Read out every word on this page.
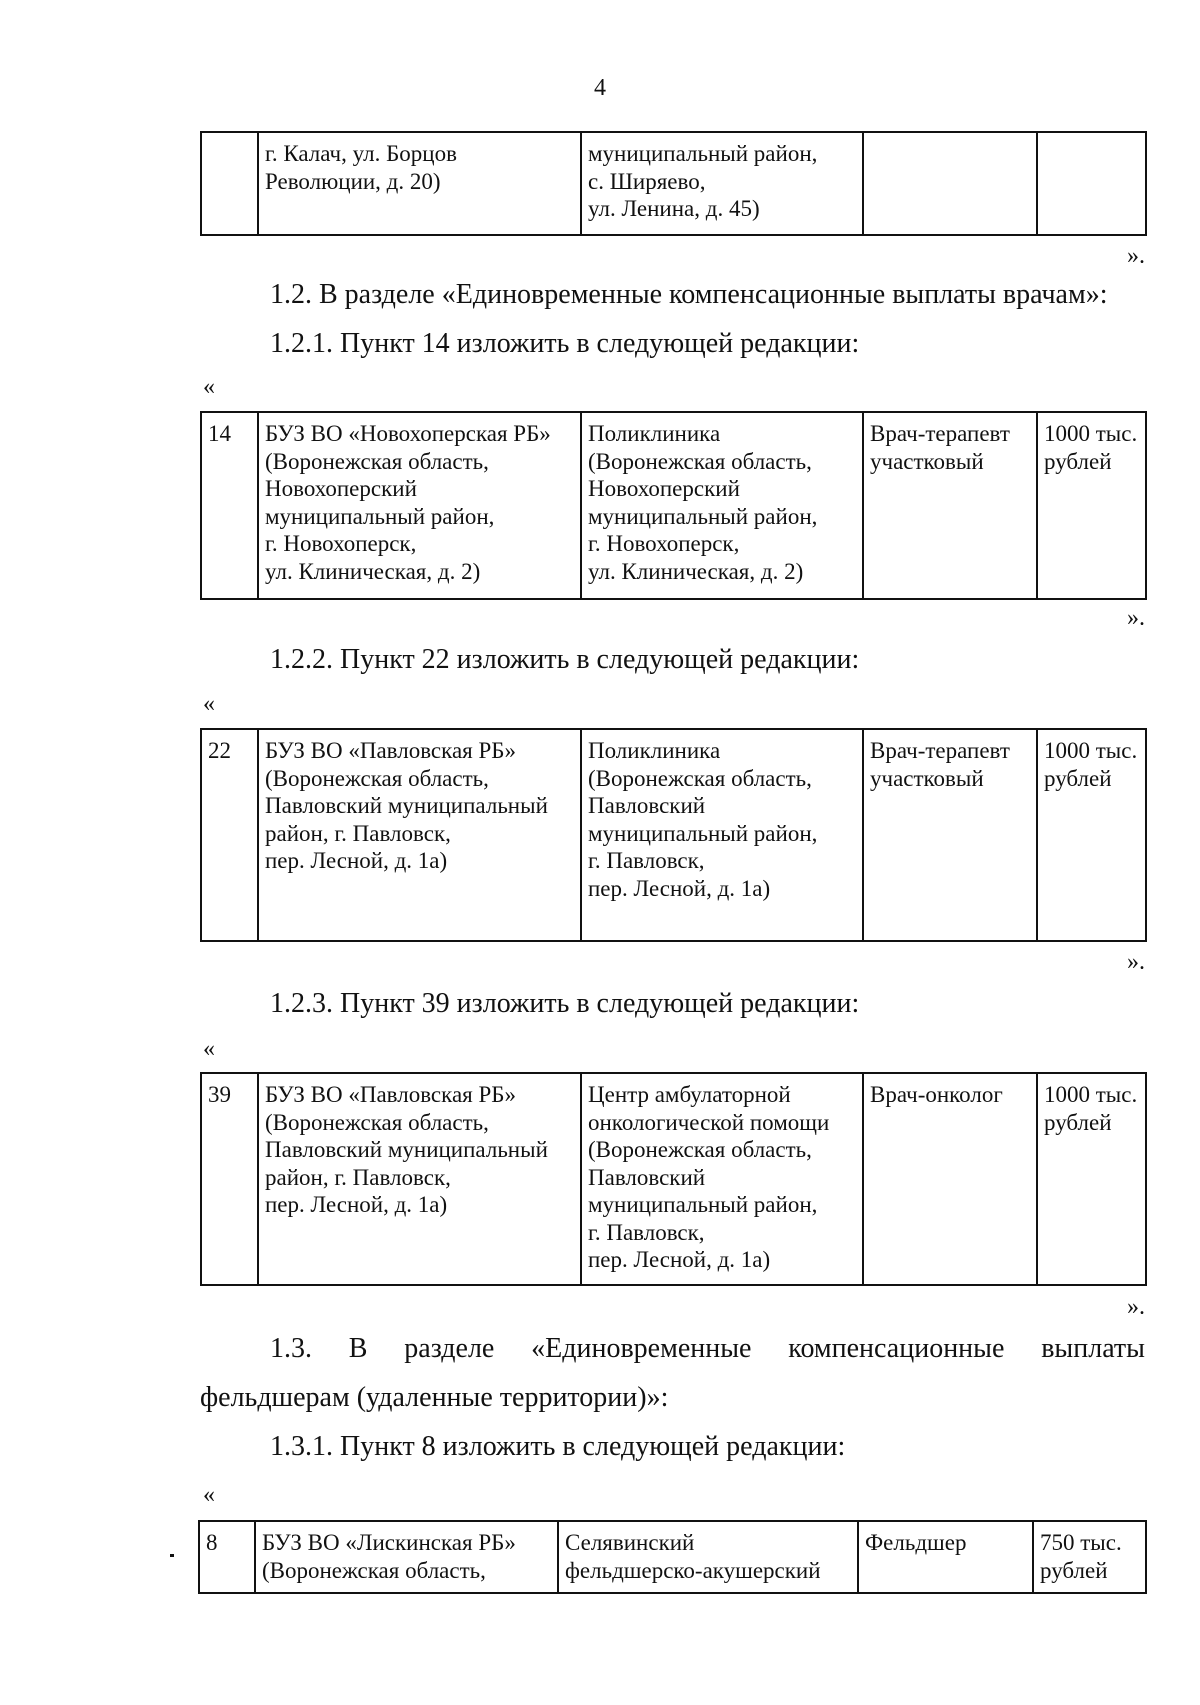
4
	г. Калач, ул. Борцов
Революции, д. 20)	муниципальный район,
с. Ширяево,
ул. Ленина, д. 45)		
».
1.2. В разделе «Единовременные компенсационные выплаты врачам»:
1.2.1. Пункт 14 изложить в следующей редакции:
«
14	БУЗ ВО «Новохоперская РБ»
(Воронежская область,
Новохоперский
муниципальный район,
г. Новохоперск,
ул. Клиническая, д. 2)	Поликлиника
(Воронежская область,
Новохоперский
муниципальный район,
г. Новохоперск,
ул. Клиническая, д. 2)	Врач-терапевт
участковый	1000 тыс.
рублей
».
1.2.2. Пункт 22 изложить в следующей редакции:
«
22	БУЗ ВО «Павловская РБ»
(Воронежская область,
Павловский муниципальный
район, г. Павловск,
пер. Лесной, д. 1а)	Поликлиника
(Воронежская область,
Павловский
муниципальный район,
г. Павловск,
пер. Лесной, д. 1а)	Врач-терапевт
участковый	1000 тыс.
рублей
».
1.2.3. Пункт 39 изложить в следующей редакции:
«
39	БУЗ ВО «Павловская РБ»
(Воронежская область,
Павловский муниципальный
район, г. Павловск,
пер. Лесной, д. 1а)	Центр амбулаторной
онкологической помощи
(Воронежская область,
Павловский
муниципальный район,
г. Павловск,
пер. Лесной, д. 1а)	Врач-онколог	1000 тыс.
рублей
».
1.3. В разделе «Единовременные компенсационные выплаты
фельдшерам (удаленные территории)»:
1.3.1. Пункт 8 изложить в следующей редакции:
«
8	БУЗ ВО «Лискинская РБ»
(Воронежская область,	Селявинский
фельдшерско-акушерский	Фельдшер	750 тыс.
рублей
